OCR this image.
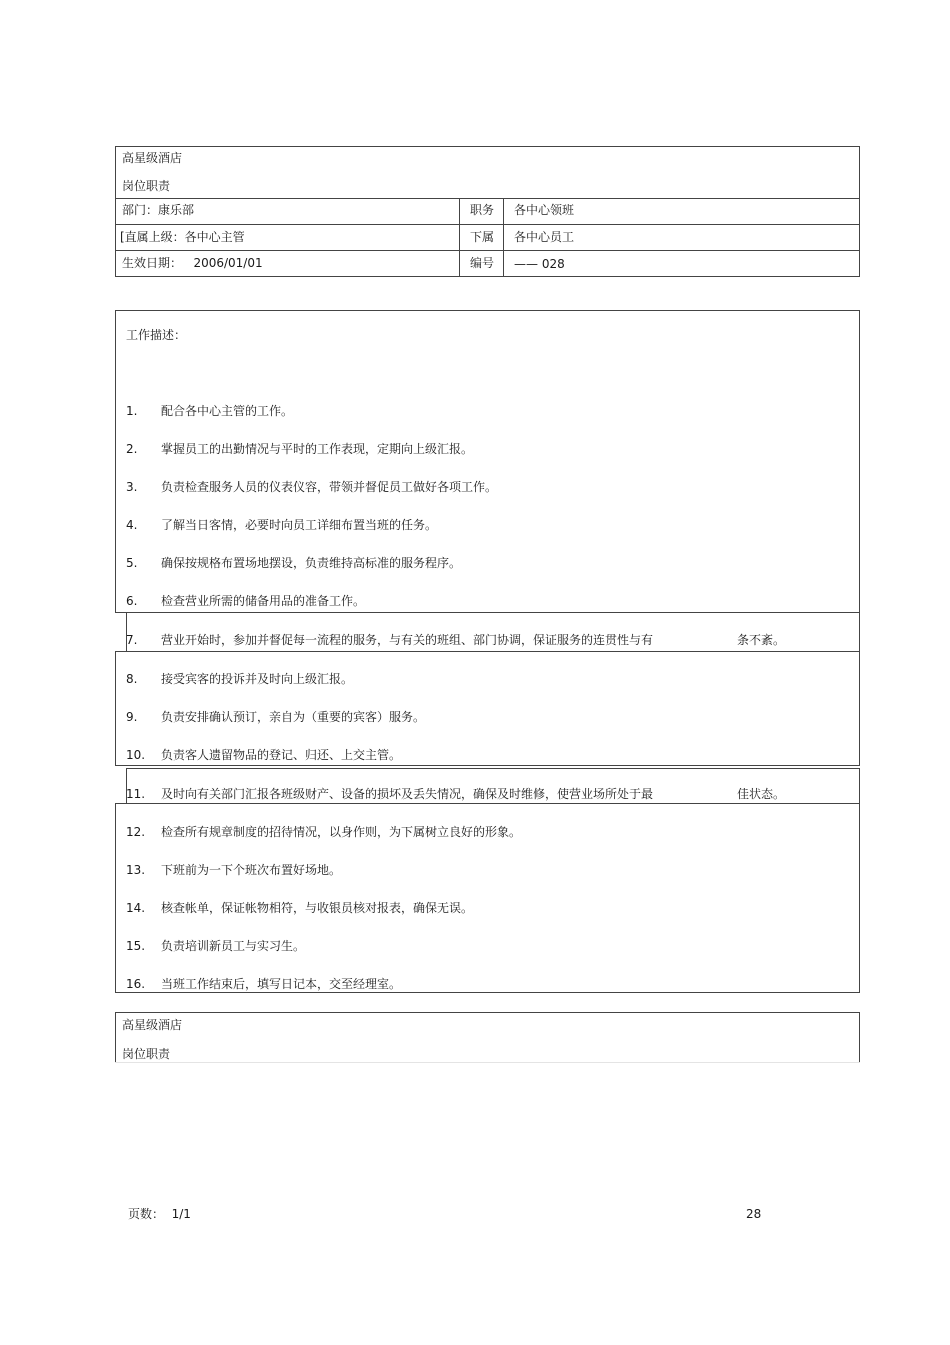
高星级酒店
岗位职责
部门：康乐部	职务 各中心领班
[直属上级：各中心主管	下属 各中心员工
生效日期：   2006/01/01	编号 —— 028
工作描述：
1. 配合各中心主管的工作。
2. 掌握员工的出勤情况与平时的工作表现，定期向上级汇报。
3. 负责检查服务人员的仪表仪容，带领并督促员工做好各项工作。
4. 了解当日客情，必要时向员工详细布置当班的任务。
5. 确保按规格布置场地摆设，负责维持高标准的服务程序。
6. 检查营业所需的储备用品的准备工作。
7. 营业开始时，参加并督促每一流程的服务，与有关的班组、部门协调，保证服务的连贯性与有	条不紊。
8. 接受宾客的投诉并及时向上级汇报。
9. 负责安排确认预订，亲自为（重要的宾客）服务。
10. 负责客人遗留物品的登记、归还、上交主管。
11. 及时向有关部门汇报各班级财产、设备的损坏及丢失情况，确保及时维修，使营业场所处于最	佳状态。
12. 检查所有规章制度的招待情况，以身作则，为下属树立良好的形象。
13. 下班前为一下个班次布置好场地。
14. 核查帐单，保证帐物相符，与收银员核对报表，确保无误。
15. 负责培训新员工与实习生。
16. 当班工作结束后，填写日记本，交至经理室。
高星级酒店
岗位职责
页数：  1/1	28
